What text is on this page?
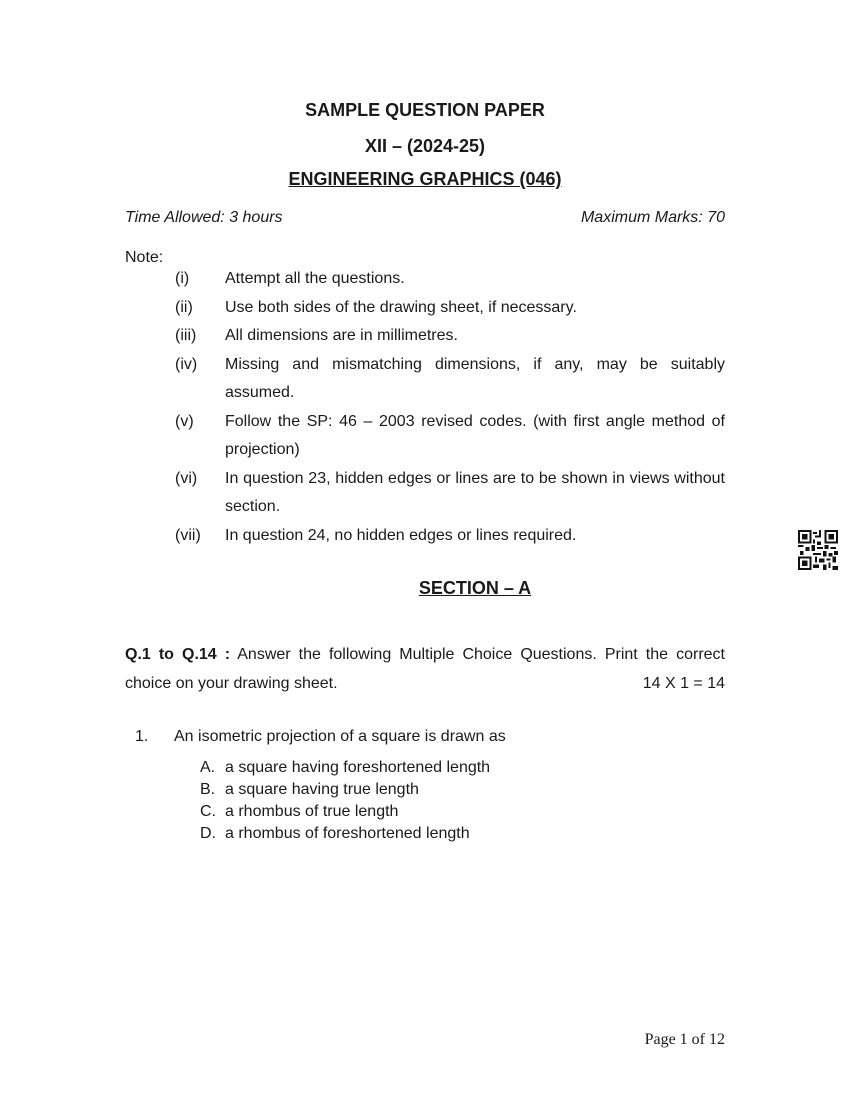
SAMPLE QUESTION PAPER
XII – (2024-25)
ENGINEERING GRAPHICS (046)
Time Allowed: 3 hours	Maximum Marks: 70
Note:
(i)	Attempt all the questions.
(ii)	Use both sides of the drawing sheet, if necessary.
(iii)	All dimensions are in millimetres.
(iv)	Missing and mismatching dimensions, if any, may be suitably assumed.
(v)	Follow the SP: 46 – 2003 revised codes. (with first angle method of projection)
(vi)	In question 23, hidden edges or lines are to be shown in views without section.
(vii)	In question 24, no hidden edges or lines required.
SECTION – A
Q.1 to Q.14 : Answer the following Multiple Choice Questions. Print the correct choice on your drawing sheet.	14 X 1 = 14
1. An isometric projection of a square is drawn as
A. a square having foreshortened length
B. a square having true length
C. a rhombus of true length
D. a rhombus of foreshortened length
Page 1 of 12
